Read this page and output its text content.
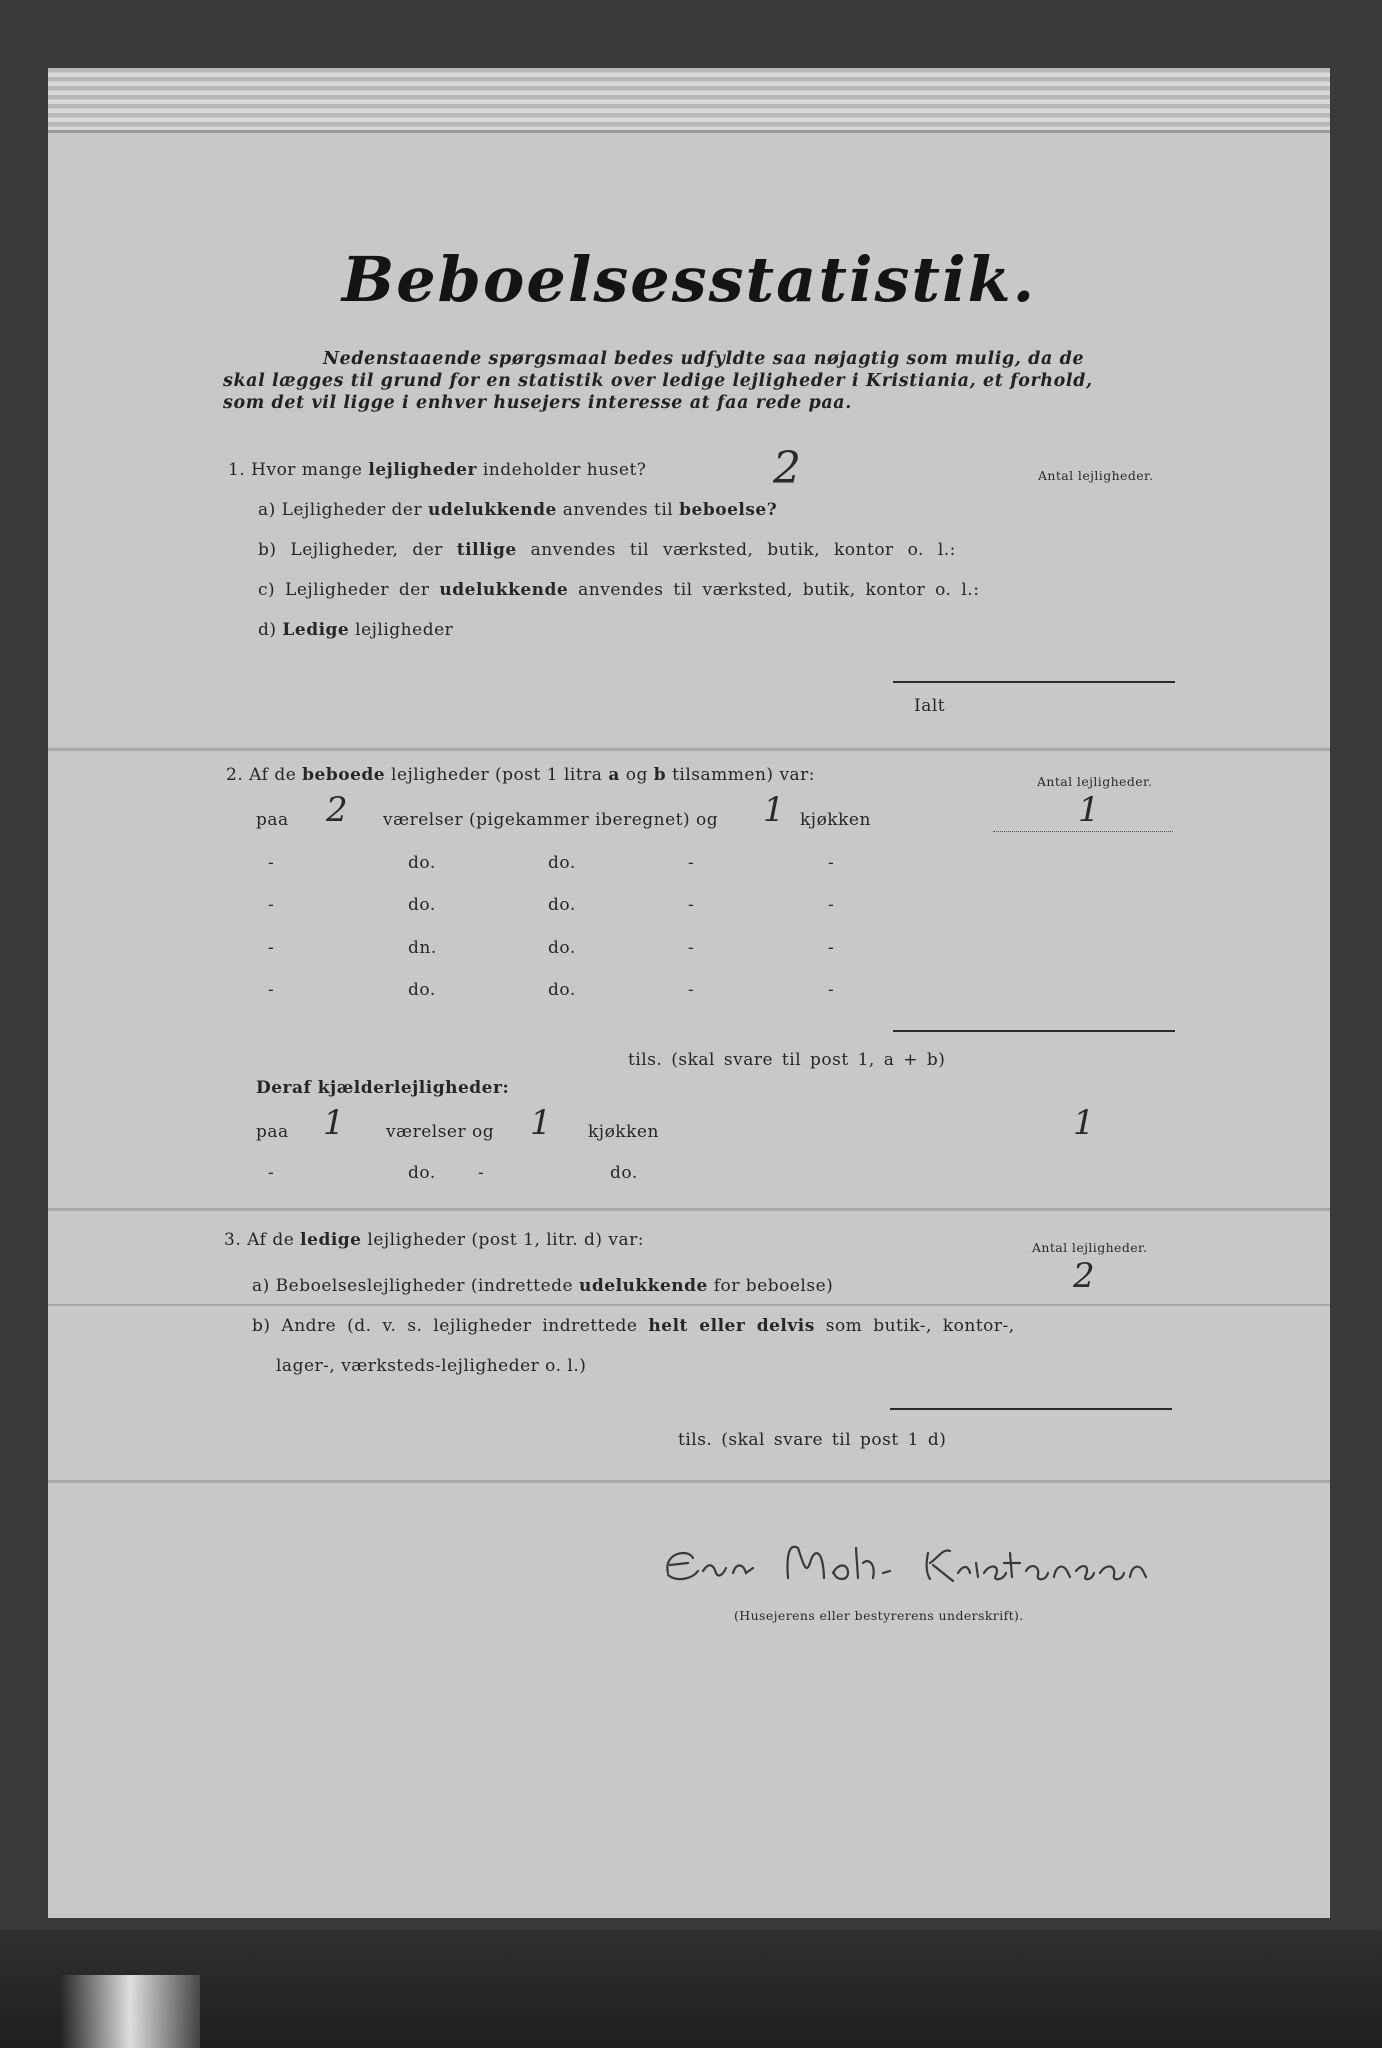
Beboelsesstatistik.
Nedenstaaende spørgsmaal bedes udfyldte saa nøjagtig som mulig, da de
skal lægges til grund for en statistik over ledige lejligheder i Kristiania, et forhold,
som det vil ligge i enhver husejers interesse at faa rede paa.
1. Hvor mange lejligheder indeholder huset?	2	Antal lejligheder.
a) Lejligheder der udelukkende anvendes til beboelse?
b) Lejligheder, der tillige anvendes til værksted, butik, kontor o. l.:
c) Lejligheder der udelukkende anvendes til værksted, butik, kontor o. l.:
d) Ledige lejligheder
Ialt
2. Af de beboede lejligheder (post 1 litra a og b tilsammen) var:	Antal lejligheder.
paa 2 værelser (pigekammer iberegnet) og 1 kjøkken	1
-	do.	do.	-	-
-	do.	do.	-	-
-	dn.	do.	-	-
-	do.	do.	-	-
tils. (skal svare til post 1, a + b)
Deraf kjælderlejligheder:
paa 1 værelser og 1 kjøkken	1
-	do. -	do.
3. Af de ledige lejligheder (post 1, litr. d) var:	Antal lejligheder.
a) Beboelseslejligheder (indrettede udelukkende for beboelse)	2
b) Andre (d. v. s. lejligheder indrettede helt eller delvis som butik-, kontor-,
lager-, værksteds-lejligheder o. l.)
tils. (skal svare til post 1 d)
(Husejerens eller bestyrerens underskrift).
